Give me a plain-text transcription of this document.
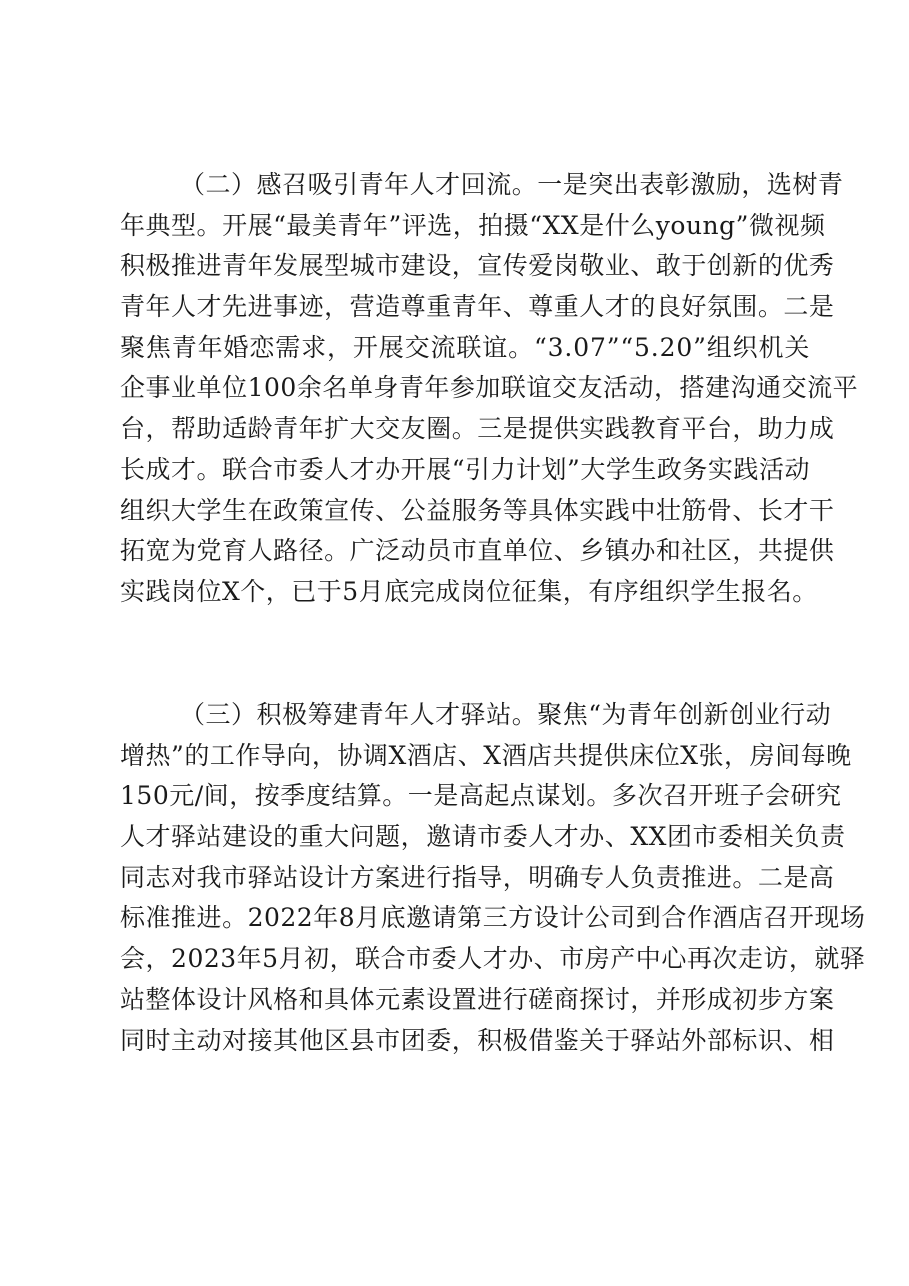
（ 二 ） 感 召 吸 引 青 年 人 才 回 流 。 一 是 突 出 表 彰 激 励 ， 选 树 青
年 典 型 。 开 展 “ 最 美 青 年 ” 评 选 ， 拍 摄 “ X X 是 什 么 y o u n g ” 微 视 频
积 极 推 进 青 年 发 展 型 城 市 建 设 ， 宣 传 爱 岗 敬 业 、 敢 于 创 新 的 优 秀
青 年 人 才 先 进 事 迹 ， 营 造 尊 重 青 年 、 尊 重 人 才 的 良 好 氛 围 。 二 是
聚 焦 青 年 婚 恋 需 求 ， 开 展 交 流 联 谊 。 “ 3 . 0 7 ” “ 5 . 2 0 ” 组 织 机 关
企 事 业 单 位 1 0 0 余 名 单 身 青 年 参 加 联 谊 交 友 活 动 ， 搭 建 沟 通 交 流 平
台 ， 帮 助 适 龄 青 年 扩 大 交 友 圈 。 三 是 提 供 实 践 教 育 平 台 ， 助 力 成
长 成 才 。 联 合 市 委 人 才 办 开 展 “ 引 力 计 划 ” 大 学 生 政 务 实 践 活 动
组 织 大 学 生 在 政 策 宣 传 、 公 益 服 务 等 具 体 实 践 中 壮 筋 骨 、 长 才 干
拓 宽 为 党 育 人 路 径 。 广 泛 动 员 市 直 单 位 、 乡 镇 办 和 社 区 ， 共 提 供
实践岗位X个，已于5月底完成岗位征集，有序组织学生报名。
（ 三 ） 积 极 筹 建 青 年 人 才 驿 站 。 聚 焦 “ 为 青 年 创 新 创 业 行 动
增 热 ” 的 工 作 导 向 ， 协 调 X 酒 店 、 X 酒 店 共 提 供 床 位 X 张 ， 房 间 每 晚
1 5 0 元 / 间 ， 按 季 度 结 算 。 一 是 高 起 点 谋 划 。 多 次 召 开 班 子 会 研 究
人 才 驿 站 建 设 的 重 大 问 题 ， 邀 请 市 委 人 才 办 、 X X 团 市 委 相 关 负 责
同 志 对 我 市 驿 站 设 计 方 案 进 行 指 导 ， 明 确 专 人 负 责 推 进 。 二 是 高
标 准 推 进 。 2 0 2 2 年 8 月 底 邀 请 第 三 方 设 计 公 司 到 合 作 酒 店 召 开 现 场
会 ， 2 0 2 3 年 5 月 初 ， 联 合 市 委 人 才 办 、 市 房 产 中 心 再 次 走 访 ， 就 驿
站 整 体 设 计 风 格 和 具 体 元 素 设 置 进 行 磋 商 探 讨 ， 并 形 成 初 步 方 案
同 时 主 动 对 接 其 他 区 县 市 团 委 ， 积 极 借 鉴 关 于 驿 站 外 部 标 识 、 相
